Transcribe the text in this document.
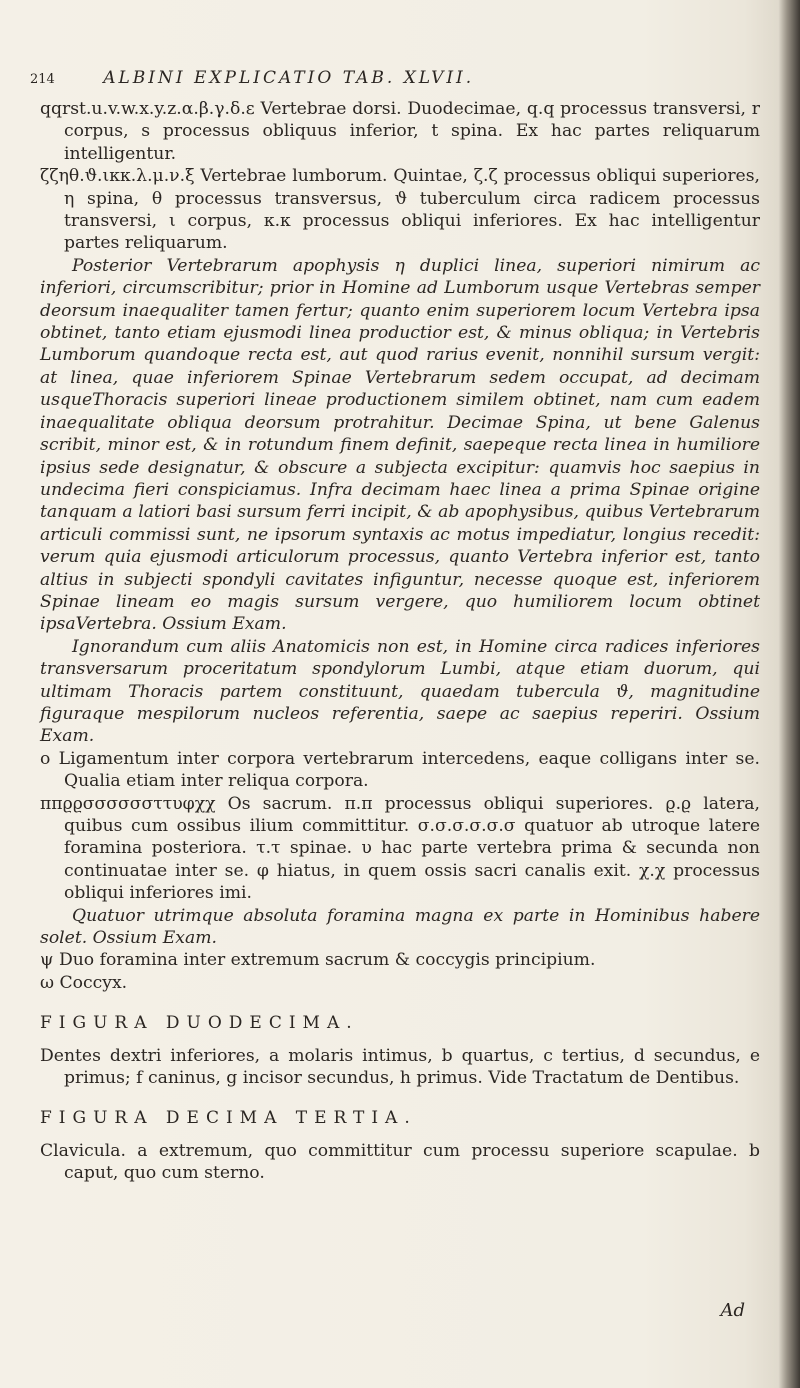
214	ALBINI EXPLICATIO TAB. XLVII.

qqrst.u.v.w.x.y.z.α.β.γ.δ.ε Vertebrae dorsi. Duodecimae, q.q processus transversi, r corpus, s processus obliquus inferior, t spina. Ex hac partes reliquarum intelligentur.

ζζηθ.ϑ.ικκ.λ.μ.ν.ξ Vertebrae lumborum. Quintae, ζ.ζ processus obliqui superiores, η spina, θ processus transversus, ϑ tuberculum circa radicem processus transversi, ι corpus, κ.κ processus obliqui inferiores. Ex hac intelligentur partes reliquarum.

Posterior Vertebrarum apophysis η duplici linea, superiori nimirum ac inferiori, circumscribitur; prior in Homine ad Lumborum usque Vertebras semper deorsum inaequaliter tamen fertur; quanto enim superiorem locum Vertebra ipsa obtinet, tanto etiam ejusmodi linea productior est, & minus obliqua; in Vertebris Lumborum quandoque recta est, aut quod rarius evenit, nonnihil sursum vergit: at linea, quae inferiorem Spinae Vertebrarum sedem occupat, ad decimam usqueThoracis superiori lineae productionem similem obtinet, nam cum eadem inaequalitate obliqua deorsum protrahitur. Decimae Spina, ut bene Galenus scribit, minor est, & in rotundum finem definit, saepeque recta linea in humiliore ipsius sede designatur, & obscure a subjecta excipitur: quamvis hoc saepius in undecima fieri conspiciamus. Infra decimam haec linea a prima Spinae origine tanquam a latiori basi sursum ferri incipit, & ab apophysibus, quibus Vertebrarum articuli commissi sunt, ne ipsorum syntaxis ac motus impediatur, longius recedit: verum quia ejusmodi articulorum processus, quanto Vertebra inferior est, tanto altius in subjecti spondyli cavitates infiguntur, necesse quoque est, inferiorem Spinae lineam eo magis sursum vergere, quo humiliorem locum obtinet ipsaVertebra. Ossium Exam.

Ignorandum cum aliis Anatomicis non est, in Homine circa radices inferiores transversarum proceritatum spondylorum Lumbi, atque etiam duorum, qui ultimam Thoracis partem constituunt, quaedam tubercula ϑ, magnitudine figuraque mespilorum nucleos referentia, saepe ac saepius reperiri. Ossium Exam.

o Ligamentum inter corpora vertebrarum intercedens, eaque colligans inter se. Qualia etiam inter reliqua corpora.

ππϱϱσσσσσσττυφχχ Os sacrum. π.π processus obliqui superiores. ϱ.ϱ latera, quibus cum ossibus ilium committitur. σ.σ.σ.σ.σ.σ quatuor ab utroque latere foramina posteriora. τ.τ spinae. υ hac parte vertebra prima & secunda non continuatae inter se. φ hiatus, in quem ossis sacri canalis exit. χ.χ processus obliqui inferiores imi.

Quatuor utrimque absoluta foramina magna ex parte in Hominibus habere solet. Ossium Exam.

ψ Duo foramina inter extremum sacrum & coccygis principium.

ω Coccyx.

FIGURA DUODECIMA.

Dentes dextri inferiores, a molaris intimus, b quartus, c tertius, d secundus, e primus; f caninus, g incisor secundus, h primus. Vide Tractatum de Dentibus.

FIGURA DECIMA TERTIA.

Clavicula. a extremum, quo committitur cum processu superiore scapulae. b caput, quo cum sterno.

Ad
